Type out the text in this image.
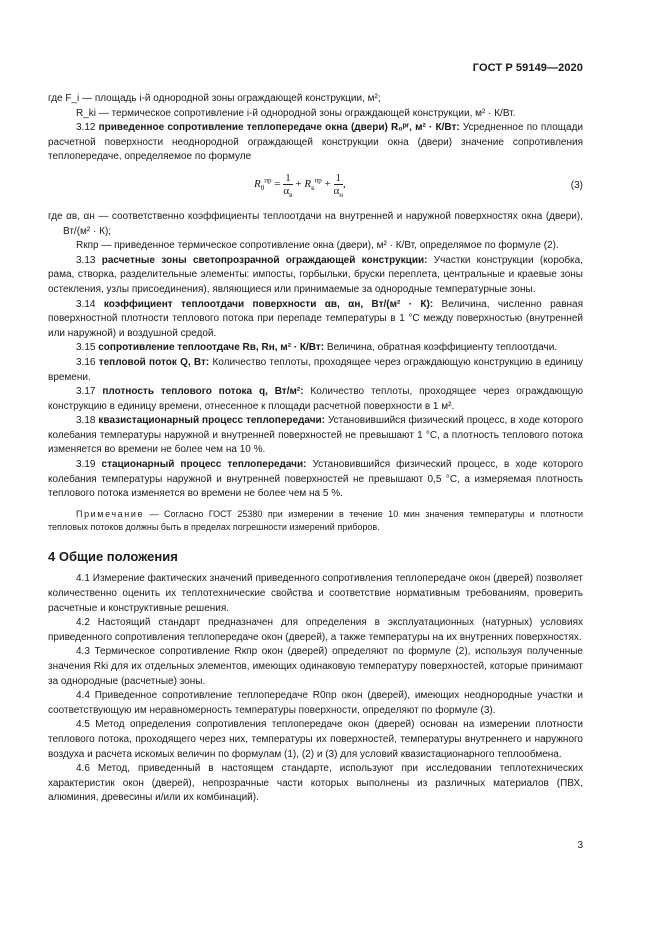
ГОСТ Р 59149—2020

где F_i — площадь i-й однородной зоны ограждающей конструкции, м²;

R_ki — термическое сопротивление i-й однородной зоны ограждающей конструкции, м² · К/Вт.

3.12 приведенное сопротивление теплопередаче окна (двери) R₀ᵖʳ, м² · К/Вт: Усредненное по площади расчетной поверхности неоднородной ограждающей конструкции окна (двери) значение сопротивления теплопередаче, определяемое по формуле

$R_0^{пр} = \frac{1}{\alpha_в} + R_к^{пр} + \frac{1}{\alpha_н}$ ,	(3)

где αв, αн — соответственно коэффициенты теплоотдачи на внутренней и наружной поверхностях окна (двери), Вт/(м² · К);

Rкпр — приведенное термическое сопротивление окна (двери), м² · К/Вт, определямое по формуле (2).

3.13 расчетные зоны светопрозрачной ограждающей конструкции: Участки конструкции (коробка, рама, створка, разделительные элементы: импосты, горбыльки, бруски переплета, центральные и краевые зоны остекления, узлы присоединения), являющиеся или принимаемые за однородные температурные зоны.

3.14 коэффициент теплоотдачи поверхности αв, αн, Вт/(м² · К): Величина, численно равная поверхностной плотности теплового потока при перепаде температуры в 1 °С между поверхностью (внутренней или наружной) и воздушной средой.

3.15 сопротивление теплоотдаче Rв, Rн, м² · К/Вт: Величина, обратная коэффициенту теплоотдачи.

3.16 тепловой поток Q, Вт: Количество теплоты, проходящее через ограждающую конструкцию в единицу времени.

3.17 плотность теплового потока q, Вт/м²: Количество теплоты, проходящее через ограждающую конструкцию в единицу времени, отнесенное к площади расчетной поверхности в 1 м².

3.18 квазистационарный процесс теплопередачи: Установившийся физический процесс, в ходе которого колебания температуры наружной и внутренней поверхностей не превышают 1 °С, а плотность теплового потока изменяется во времени не более чем на 10 %.

3.19 стационарный процесс теплопередачи: Установившийся физический процесс, в ходе которого колебания температуры наружной и внутренней поверхностей не превышают 0,5 °С, а измеряемая плотность теплового потока изменяется во времени не более чем на 5 %.

Примечание — Согласно ГОСТ 25380 при измерении в течение 10 мин значения температуры и плотности тепловых потоков должны быть в пределах погрешности измерений приборов.

4 Общие положения

4.1 Измерение фактических значений приведенного сопротивления теплопередаче окон (дверей) позволяет количественно оценить их теплотехнические свойства и соответствие нормативным требованиям, проверить расчетные и конструктивные решения.

4.2 Настоящий стандарт предназначен для определения в эксплуатационных (натурных) условиях приведенного сопротивления теплопередаче окон (дверей), а также температуры на их внутренних поверхностях.

4.3 Термическое сопротивление Rкпр окон (дверей) определяют по формуле (2), используя полученные значения Rki для их отдельных элементов, имеющих одинаковую температуру поверхностей, которые принимают за однородные (расчетные) зоны.

4.4 Приведенное сопротивление теплопередаче R0пр окон (дверей), имеющих неоднородные участки и соответствующую им неравномерность температуры поверхности, определяют по формуле (3).

4.5 Метод определения сопротивления теплопередаче окон (дверей) основан на измерении плотности теплового потока, проходящего через них, температуры их поверхностей, температуры внутреннего и наружного воздуха и расчета искомых величин по формулам (1), (2) и (3) для условий квазистационарного теплообмена.

4.6 Метод, приведенный в настоящем стандарте, используют при исследовании теплотехнических характеристик окон (дверей), непрозрачные части которых выполнены из различных материалов (ПВХ, алюминия, древесины и/или их комбинаций).

3
